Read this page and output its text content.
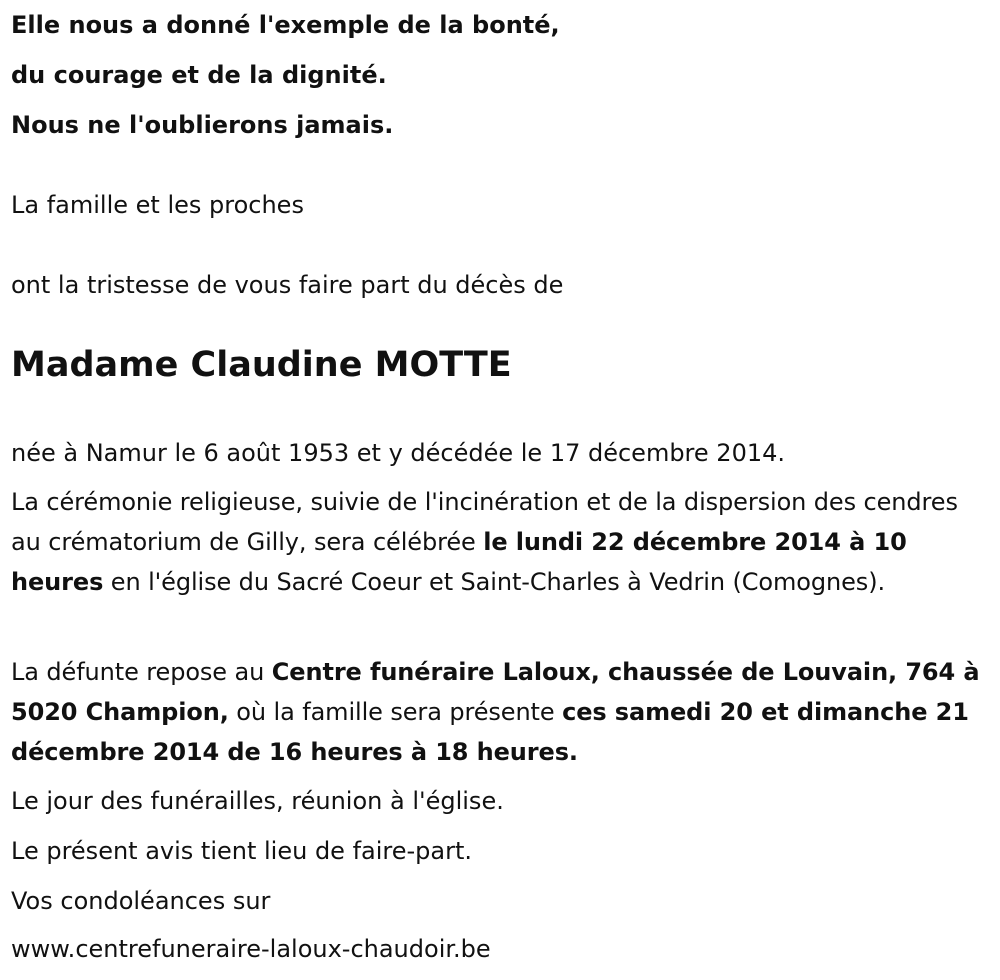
Elle nous a donné l'exemple de la bonté,
du courage et de la dignité.
Nous ne l'oublierons jamais.
La famille et les proches
ont la tristesse de vous faire part du décès de
Madame Claudine MOTTE
née à Namur le 6 août 1953 et y décédée le 17 décembre 2014.
La cérémonie religieuse, suivie de l'incinération et de la dispersion des cendres au crématorium de Gilly, sera célébrée le lundi 22 décembre 2014 à 10 heures en l'église du Sacré Coeur et Saint-Charles à Vedrin (Comognes).
La défunte repose au Centre funéraire Laloux, chaussée de Louvain, 764 à 5020 Champion, où la famille sera présente ces samedi 20 et dimanche 21 décembre 2014 de 16 heures à 18 heures.
Le jour des funérailles, réunion à l'église.
Le présent avis tient lieu de faire-part.
Vos condoléances sur
www.centrefuneraire-laloux-chaudoir.be
